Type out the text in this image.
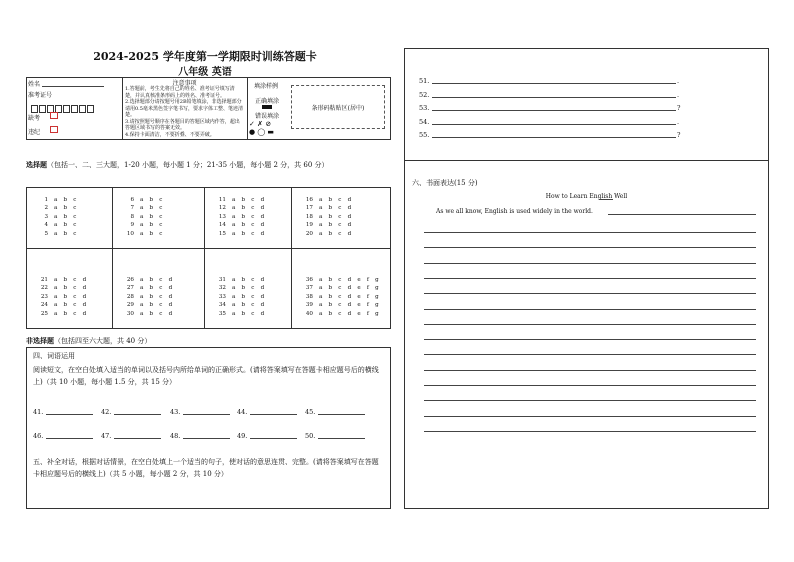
2024-2025 学年度第一学期限时训练答题卡
八年级 英语
姓名
准考证号
缺考
违纪
注意事项
1.答题前，考生先将自己的姓名、准考证号填写清楚，并认真核准条形码上的姓名、准考证号。
2.选择题部分请按题号用2B铅笔填涂，非选择题部分请用0.5毫米黑色签字笔书写，要求字体工整、笔迹清楚。
3.请按照题号顺序在各题目的答题区域内作答，超出答题区域书写的答案无效。
4.保持卡面清洁，不要折叠、不要弄破。
填涂样例
正确填涂
错误填涂
✓ ✗ ⊘
● ◯ ▬
条形码粘贴区(居中)
选择题（包括一、二、三大题，1-20 小题，每小题 1 分；21-35 小题，每小题 2 分，共 60 分）
1 a b c
2 a b c
3 a b c
4 a b c
5 a b c
6 a b c
7 a b c
8 a b c
9 a b c
10 a b c
11 a b c d
12 a b c d
13 a b c d
14 a b c d
15 a b c d
16 a b c d
17 a b c d
18 a b c d
19 a b c d
20 a b c d
21 a b c d
22 a b c d
23 a b c d
24 a b c d
25 a b c d
26 a b c d
27 a b c d
28 a b c d
29 a b c d
30 a b c d
31 a b c d
32 a b c d
33 a b c d
34 a b c d
35 a b c d
36 a b c d e f g
37 a b c d e f g
38 a b c d e f g
39 a b c d e f g
40 a b c d e f g
非选择题（包括四至六大题，共 40 分）
四、词语运用
阅读短文，在空白处填入适当的单词以及括号内所给单词的正确形式。(请将答案填写在答题卡相应题号后的横线上)（共 10 小题，每小题 1.5 分，共 15 分）
41.	42.	43.	44.	45.
46.	47.	48.	49.	50.
五、补全对话，根据对话情景，在空白处填上一个适当的句子，使对话的意思连贯、完整。(请将答案填写在答题卡相应题号后的横线上)（共 5 小题，每小题 2 分，共 10 分）
51.	.
52.	.
53.	?
54.	.
55.	?
六、书面表达(15 分)
How to Learn English Well
As we all know, English is used widely in the world.
